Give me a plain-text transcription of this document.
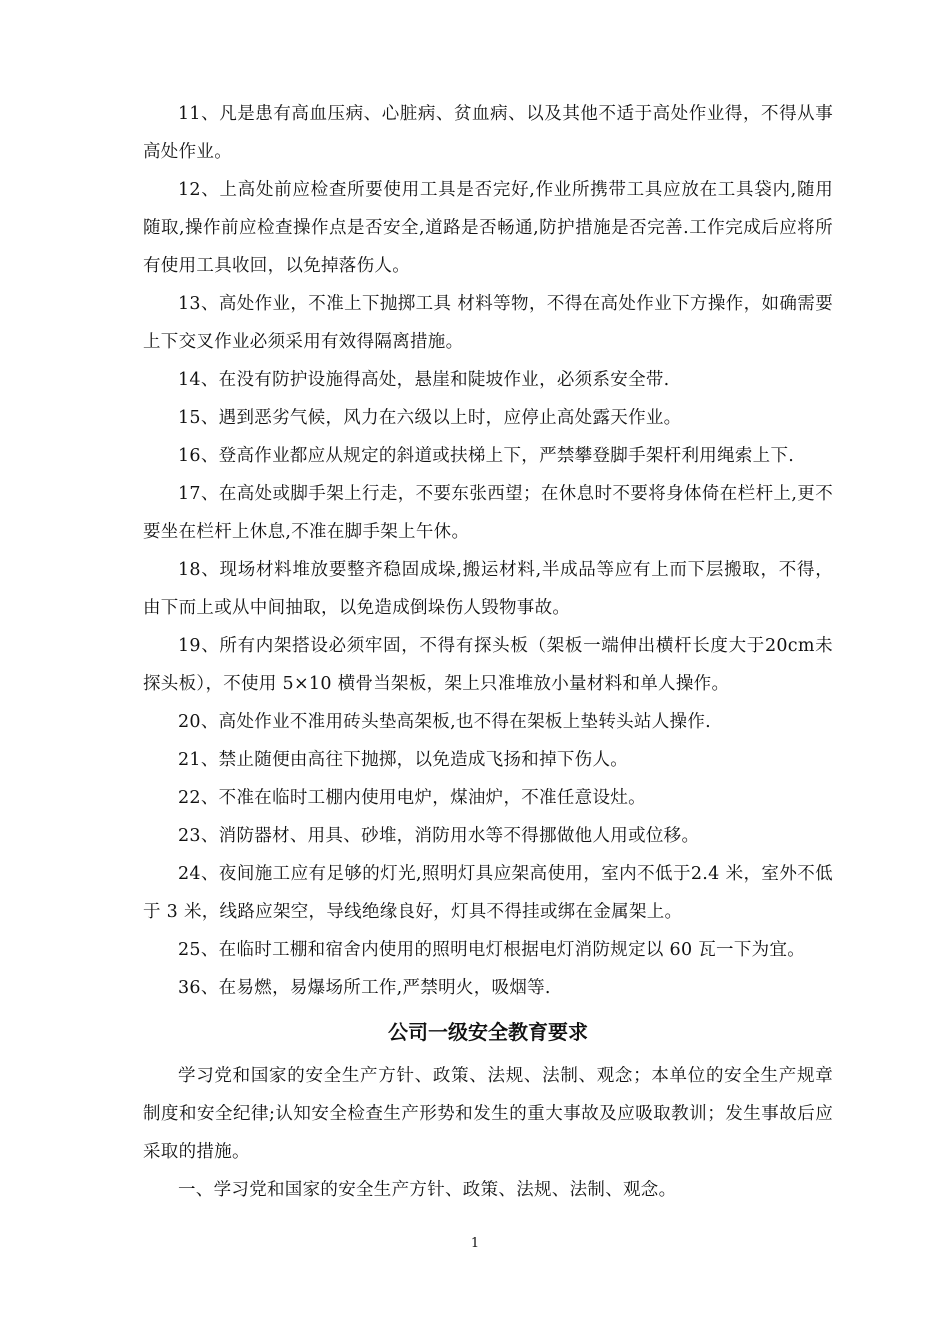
11、凡是患有高血压病、心脏病、贫血病、以及其他不适于高处作业得，不得从事高处作业。

12、上高处前应检查所要使用工具是否完好,作业所携带工具应放在工具袋内,随用随取,操作前应检查操作点是否安全,道路是否畅通,防护措施是否完善.工作完成后应将所有使用工具收回，以免掉落伤人。

13、高处作业，不准上下抛掷工具 材料等物，不得在高处作业下方操作，如确需要上下交叉作业必须采用有效得隔离措施。

14、在没有防护设施得高处，悬崖和陡坡作业，必须系安全带.

15、遇到恶劣气候，风力在六级以上时，应停止高处露天作业。

16、登高作业都应从规定的斜道或扶梯上下，严禁攀登脚手架杆利用绳索上下.

17、在高处或脚手架上行走，不要东张西望；在休息时不要将身体倚在栏杆上,更不要坐在栏杆上休息,不准在脚手架上午休。

18、现场材料堆放要整齐稳固成垛,搬运材料,半成品等应有上而下层搬取，不得，由下而上或从中间抽取，以免造成倒垛伤人毁物事故。

19、所有内架搭设必须牢固，不得有探头板（架板一端伸出横杆长度大于20cm未探头板），不使用 5×10 横骨当架板，架上只准堆放小量材料和单人操作。

20、高处作业不准用砖头垫高架板,也不得在架板上垫转头站人操作.

21、禁止随便由高往下抛掷，以免造成飞扬和掉下伤人。

22、不准在临时工棚内使用电炉，煤油炉，不准任意设灶。

23、消防器材、用具、砂堆，消防用水等不得挪做他人用或位移。

24、夜间施工应有足够的灯光,照明灯具应架高使用，室内不低于2.4 米，室外不低于 3 米，线路应架空，导线绝缘良好，灯具不得挂或绑在金属架上。

25、在临时工棚和宿舍内使用的照明电灯根据电灯消防规定以 60 瓦一下为宜。

36、在易燃，易爆场所工作,严禁明火，吸烟等.

公司一级安全教育要求

学习党和国家的安全生产方针、政策、法规、法制、观念；本单位的安全生产规章制度和安全纪律;认知安全检查生产形势和发生的重大事故及应吸取教训；发生事故后应采取的措施。

一、学习党和国家的安全生产方针、政策、法规、法制、观念。

1
